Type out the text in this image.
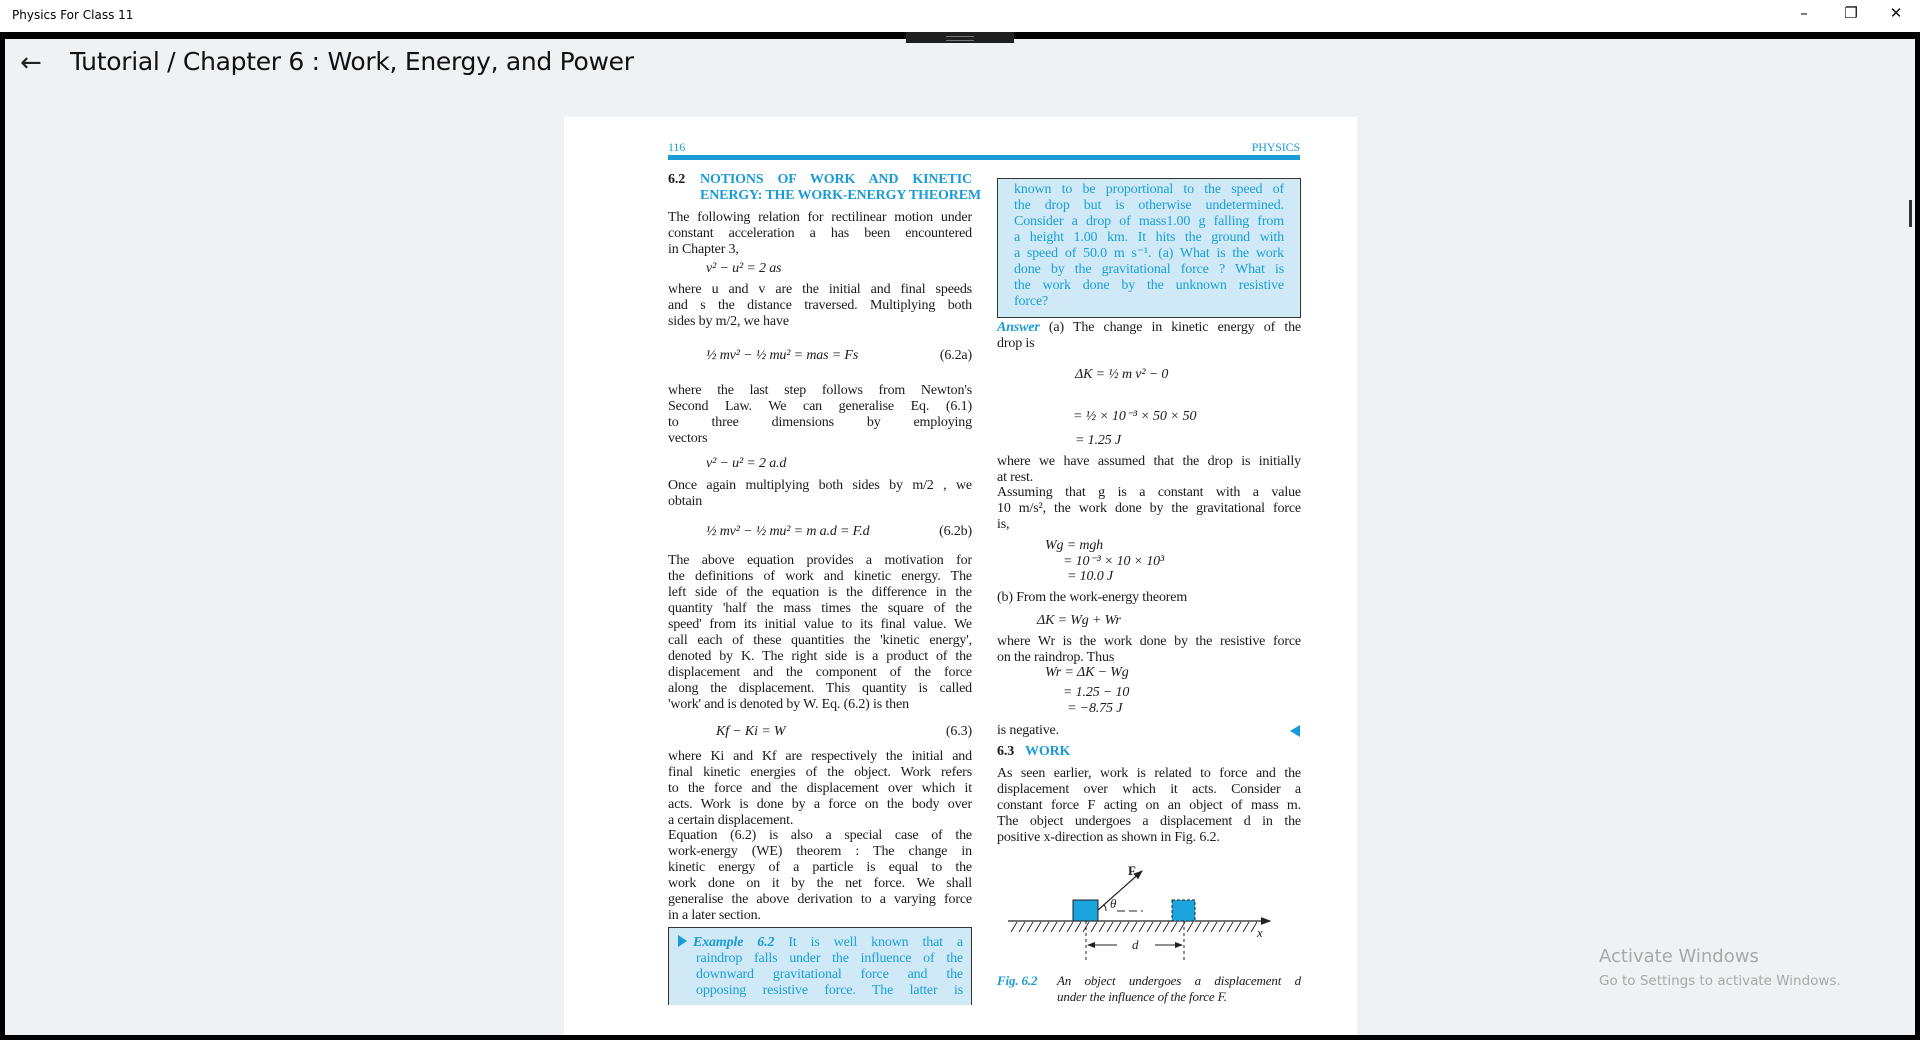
Physics For Class 11	–	❐	✕
← Tutorial / Chapter 6 : Work, Energy, and Power
116	PHYSICS
6.2 NOTIONS OF WORK AND KINETIC
ENERGY: THE WORK-ENERGY THEOREM
The following relation for rectilinear motion under
constant acceleration a has been encountered
in Chapter 3,
v² − u² = 2 as
where u and v are the initial and final speeds
and s the distance traversed. Multiplying both
sides by m/2, we have
½ mv² − ½ mu² = mas = Fs	(6.2a)
where the last step follows from Newton's
Second Law. We can generalise Eq. (6.1)
to three dimensions by employing
vectors
v² − u² = 2 a.d
Once again multiplying both sides by m/2 , we
obtain
½ mv² − ½ mu² = m a.d = F.d	(6.2b)
The above equation provides a motivation for
the definitions of work and kinetic energy. The
left side of the equation is the difference in the
quantity 'half the mass times the square of the
speed' from its initial value to its final value. We
call each of these quantities the 'kinetic energy',
denoted by K. The right side is a product of the
displacement and the component of the force
along the displacement. This quantity is called
'work' and is denoted by W. Eq. (6.2) is then
Kf − Ki = W	(6.3)
where Ki and Kf are respectively the initial and
final kinetic energies of the object. Work refers
to the force and the displacement over which it
acts. Work is done by a force on the body over
a certain displacement.
Equation (6.2) is also a special case of the
work-energy (WE) theorem : The change in
kinetic energy of a particle is equal to the
work done on it by the net force. We shall
generalise the above derivation to a varying force
in a later section.
known to be proportional to the speed of
the drop but is otherwise undetermined.
Consider a drop of mass1.00 g falling from
a height 1.00 km. It hits the ground with
a speed of 50.0 m s⁻¹. (a) What is the work
done by the gravitational force ? What is
the work done by the unknown resistive
force?
Answer (a) The change in kinetic energy of the
drop is
ΔK = ½ m v² − 0
= ½ × 10⁻³ × 50 × 50
= 1.25 J
where we have assumed that the drop is initially
at rest.
Assuming that g is a constant with a value
10 m/s², the work done by the gravitational force
is,
Wg = mgh
= 10⁻³ × 10 × 10³
= 10.0 J
(b) From the work-energy theorem
ΔK = Wg + Wr
where Wr is the work done by the resistive force
on the raindrop. Thus
Wr = ΔK − Wg
= 1.25 − 10
= −8.75 J
is negative.
6.3 WORK
As seen earlier, work is related to force and the
displacement over which it acts. Consider a
constant force F acting on an object of mass m.
The object undergoes a displacement d in the
positive x-direction as shown in Fig. 6.2.
Example 6.2 It is well known that a
raindrop falls under the influence of the
downward gravitational force and the
opposing resistive force. The latter is
F
θ
d
x
Fig. 6.2 An object undergoes a displacement d
under the influence of the force F.
Activate Windows
Go to Settings to activate Windows.
